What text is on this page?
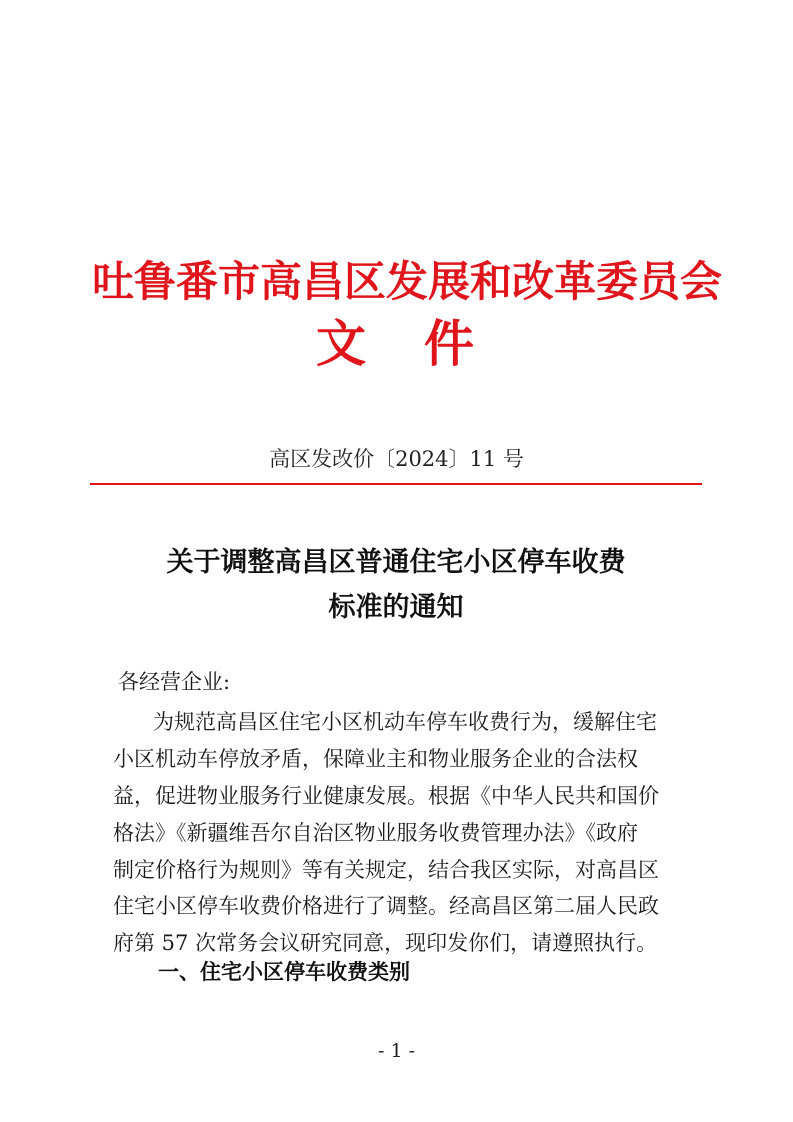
吐鲁番市高昌区发展和改革委员会
文 件
高区发改价〔2024〕11 号
关于调整高昌区普通住宅小区停车收费
标准的通知
各经营企业:
为规范高昌区住宅小区机动车停车收费行为，缓解住宅
小区机动车停放矛盾，保障业主和物业服务企业的合法权
益，促进物业服务行业健康发展。根据《中华人民共和国价
格法》《新疆维吾尔自治区物业服务收费管理办法》《政府
制定价格行为规则》等有关规定，结合我区实际，对高昌区
住宅小区停车收费价格进行了调整。经高昌区第二届人民政
府第 57 次常务会议研究同意，现印发你们，请遵照执行。
一、住宅小区停车收费类别
- 1 -
